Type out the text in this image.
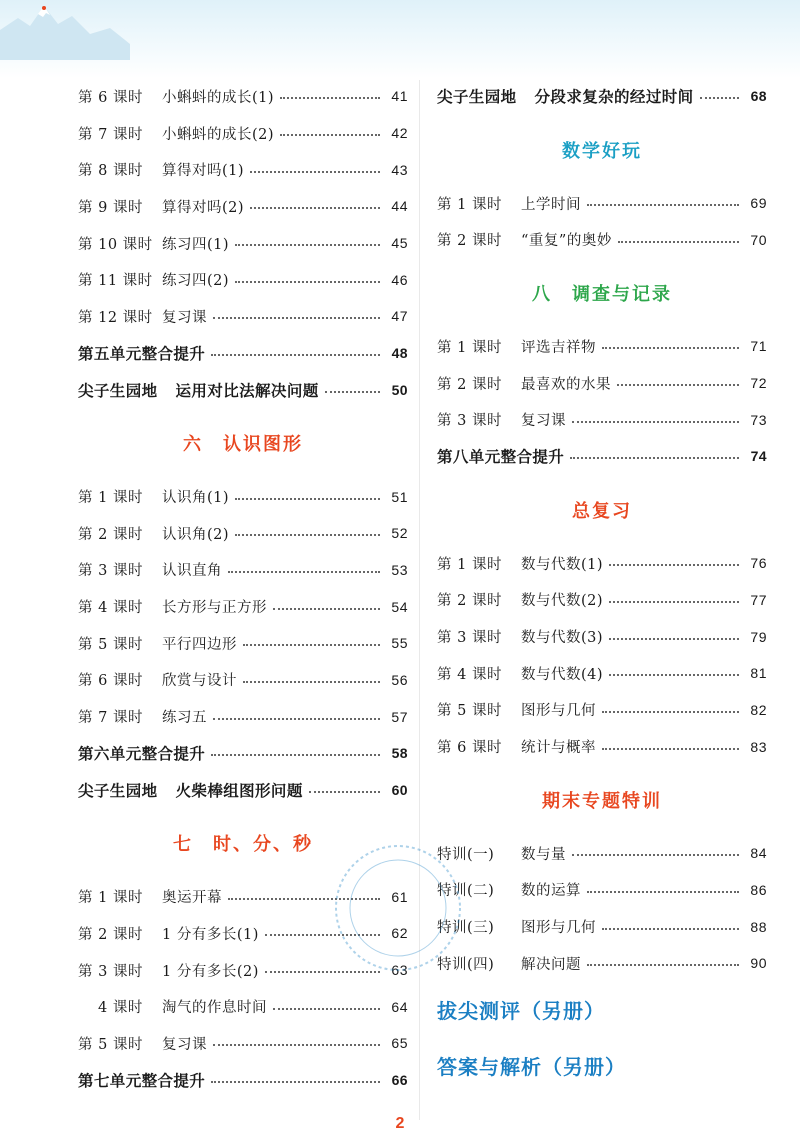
第 6 课时	小蝌蚪的成长(1)	41
第 7 课时	小蝌蚪的成长(2)	42
第 8 课时	算得对吗(1)	43
第 9 课时	算得对吗(2)	44
第 10 课时 练习四(1)	45
第 11 课时 练习四(2)	46
第 12 课时 复习课	47
第五单元整合提升	48
尖子生园地 运用对比法解决问题	50
六　认识图形
第 1 课时	认识角(1)	51
第 2 课时	认识角(2)	52
第 3 课时	认识直角	53
第 4 课时	长方形与正方形	54
第 5 课时	平行四边形	55
第 6 课时	欣赏与设计	56
第 7 课时	练习五	57
第六单元整合提升	58
尖子生园地 火柴棒组图形问题	60
七　时、分、秒
第 1 课时	奥运开幕	61
第 2 课时	1 分有多长(1)	62
第 3 课时	1 分有多长(2)	63
4 课时	淘气的作息时间	64
第 5 课时	复习课	65
第七单元整合提升	66
尖子生园地 分段求复杂的经过时间	68
数学好玩
第 1 课时	上学时间	69
第 2 课时	“重复”的奥妙	70
八　调查与记录
第 1 课时	评选吉祥物	71
第 2 课时	最喜欢的水果	72
第 3 课时	复习课	73
第八单元整合提升	74
总复习
第 1 课时	数与代数(1)	76
第 2 课时	数与代数(2)	77
第 3 课时	数与代数(3)	79
第 4 课时	数与代数(4)	81
第 5 课时	图形与几何	82
第 6 课时	统计与概率	83
期末专题特训
特训(一)	数与量	84
特训(二)	数的运算	86
特训(三)	图形与几何	88
特训(四)	解决问题	90
拔尖测评（另册）
答案与解析（另册）
2
